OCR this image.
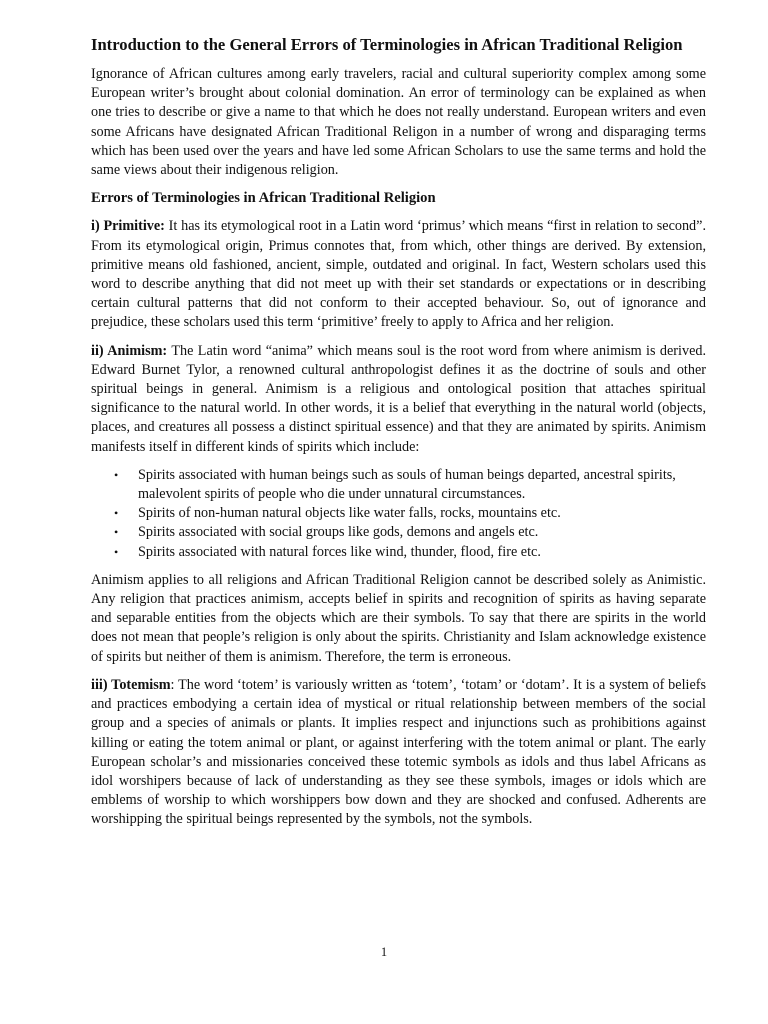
Introduction to the General Errors of Terminologies in African Traditional Religion

Ignorance of African cultures among early travelers, racial and cultural superiority complex among some European writer’s brought about colonial domination. An error of terminology can be explained as when one tries to describe or give a name to that which he does not really understand. European writers and even some Africans have designated African Traditional Religon in a number of wrong and disparaging terms which has been used over the years and have led some African Scholars to use the same terms and hold the same views about their indigenous religion.

Errors of Terminologies in African Traditional Religion

i) Primitive: It has its etymological root in a Latin word ‘primus’ which means “first in relation to second”. From its etymological origin, Primus connotes that, from which, other things are derived. By extension, primitive means old fashioned, ancient, simple, outdated and original. In fact, Western scholars used this word to describe anything that did not meet up with their set standards or expectations or in describing certain cultural patterns that did not conform to their accepted behaviour. So, out of ignorance and prejudice, these scholars used this term ‘primitive’ freely to apply to Africa and her religion.

ii) Animism: The Latin word “anima” which means soul is the root word from where animism is derived. Edward Burnet Tylor, a renowned cultural anthropologist defines it as the doctrine of souls and other spiritual beings in general. Animism is a religious and ontological position that attaches spiritual significance to the natural world. In other words, it is a belief that everything in the natural world (objects, places, and creatures all possess a distinct spiritual essence) and that they are animated by spirits. Animism manifests itself in different kinds of spirits which include:

• Spirits associated with human beings such as souls of human beings departed, ancestral spirits, malevolent spirits of people who die under unnatural circumstances.
• Spirits of non-human natural objects like water falls, rocks, mountains etc.
• Spirits associated with social groups like gods, demons and angels etc.
• Spirits associated with natural forces like wind, thunder, flood, fire etc.

Animism applies to all religions and African Traditional Religion cannot be described solely as Animistic. Any religion that practices animism, accepts belief in spirits and recognition of spirits as having separate and separable entities from the objects which are their symbols. To say that there are spirits in the world does not mean that people’s religion is only about the spirits. Christianity and Islam acknowledge existence of spirits but neither of them is animism. Therefore, the term is erroneous.

iii) Totemism: The word ‘totem’ is variously written as ‘totem’, ‘totam’ or ‘dotam’. It is a system of beliefs and practices embodying a certain idea of mystical or ritual relationship between members of the social group and a species of animals or plants. It implies respect and injunctions such as prohibitions against killing or eating the totem animal or plant, or against interfering with the totem animal or plant. The early European scholar’s and missionaries conceived these totemic symbols as idols and thus label Africans as idol worshipers because of lack of understanding as they see these symbols, images or idols which are emblems of worship to which worshippers bow down and they are shocked and confused. Adherents are worshipping the spiritual beings represented by the symbols, not the symbols.

1
